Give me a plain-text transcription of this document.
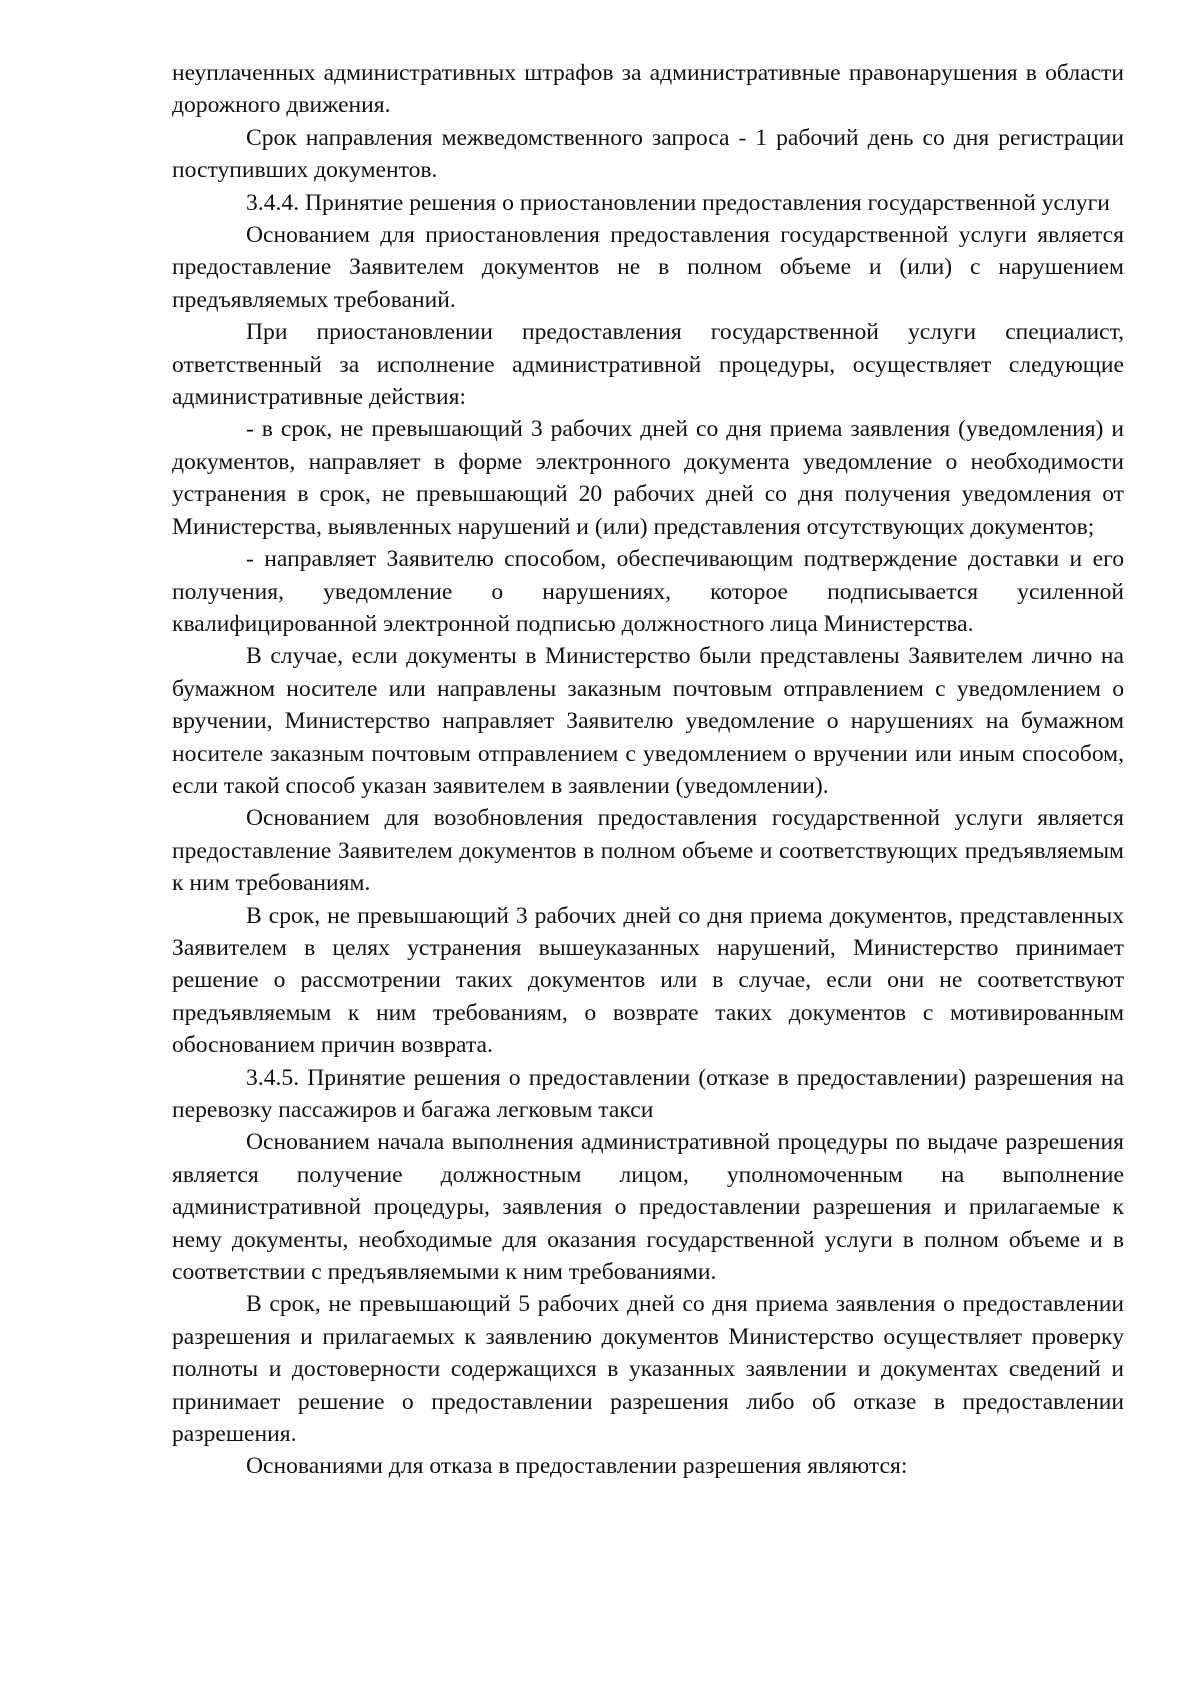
неуплаченных административных штрафов за административные правонарушения в области дорожного движения.

Срок направления межведомственного запроса - 1 рабочий день со дня регистрации поступивших документов.

3.4.4. Принятие решения о приостановлении предоставления государственной услуги

Основанием для приостановления предоставления государственной услуги является предоставление Заявителем документов не в полном объеме и (или) с нарушением предъявляемых требований.

При приостановлении предоставления государственной услуги специалист, ответственный за исполнение административной процедуры, осуществляет следующие административные действия:

- в срок, не превышающий 3 рабочих дней со дня приема заявления (уведомления) и документов, направляет в форме электронного документа уведомление о необходимости устранения в срок, не превышающий 20 рабочих дней со дня получения уведомления от Министерства, выявленных нарушений и (или) представления отсутствующих документов;

- направляет Заявителю способом, обеспечивающим подтверждение доставки и его получения, уведомление о нарушениях, которое подписывается усиленной квалифицированной электронной подписью должностного лица Министерства.

В случае, если документы в Министерство были представлены Заявителем лично на бумажном носителе или направлены заказным почтовым отправлением с уведомлением о вручении, Министерство направляет Заявителю уведомление о нарушениях на бумажном носителе заказным почтовым отправлением с уведомлением о вручении или иным способом, если такой способ указан заявителем в заявлении (уведомлении).

Основанием для возобновления предоставления государственной услуги является предоставление Заявителем документов в полном объеме и соответствующих предъявляемым к ним требованиям.

В срок, не превышающий 3 рабочих дней со дня приема документов, представленных Заявителем в целях устранения вышеуказанных нарушений, Министерство принимает решение о рассмотрении таких документов или в случае, если они не соответствуют предъявляемым к ним требованиям, о возврате таких документов с мотивированным обоснованием причин возврата.

3.4.5. Принятие решения о предоставлении (отказе в предоставлении) разрешения на перевозку пассажиров и багажа легковым такси

Основанием начала выполнения административной процедуры по выдаче разрешения является получение должностным лицом, уполномоченным на выполнение административной процедуры, заявления о предоставлении разрешения и прилагаемые к нему документы, необходимые для оказания государственной услуги в полном объеме и в соответствии с предъявляемыми к ним требованиями.

В срок, не превышающий 5 рабочих дней со дня приема заявления о предоставлении разрешения и прилагаемых к заявлению документов Министерство осуществляет проверку полноты и достоверности содержащихся в указанных заявлении и документах сведений и принимает решение о предоставлении разрешения либо об отказе в предоставлении разрешения.

Основаниями для отказа в предоставлении разрешения являются:
